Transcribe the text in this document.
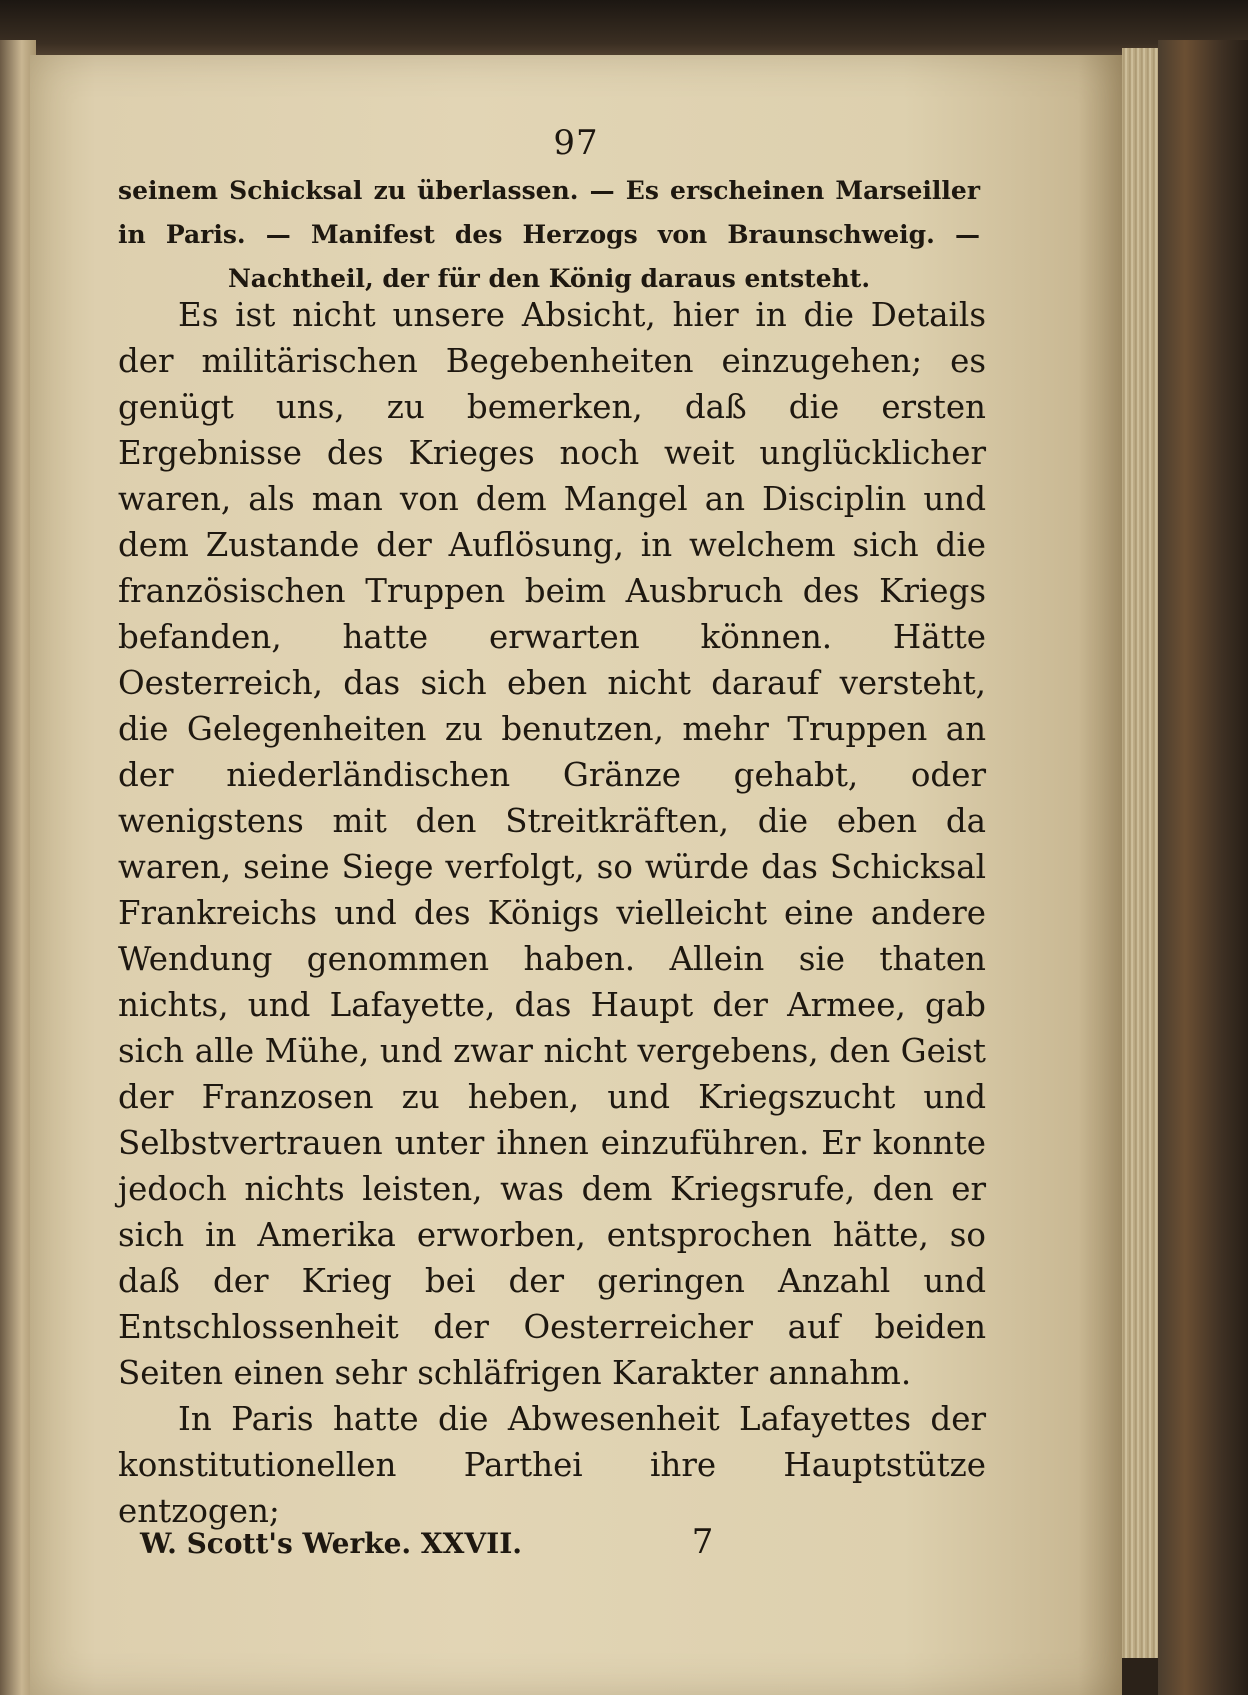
97
seinem Schicksal zu überlassen. — Es erscheinen Marseiller in Paris. — Manifest des Herzogs von Braunschweig. — Nachtheil, der für den König daraus entsteht.

Es ist nicht unsere Absicht, hier in die Details der militärischen Begebenheiten einzugehen; es genügt uns, zu bemerken, daß die ersten Ergebnisse des Krieges noch weit unglücklicher waren, als man von dem Mangel an Disciplin und dem Zustande der Auflösung, in welchem sich die französischen Truppen beim Ausbruch des Kriegs befanden, hatte erwarten können. Hätte Oesterreich, das sich eben nicht darauf versteht, die Gelegenheiten zu benutzen, mehr Truppen an der niederländischen Gränze gehabt, oder wenigstens mit den Streitkräften, die eben da waren, seine Siege verfolgt, so würde das Schicksal Frankreichs und des Königs vielleicht eine andere Wendung genommen haben. Allein sie thaten nichts, und Lafayette, das Haupt der Armee, gab sich alle Mühe, und zwar nicht vergebens, den Geist der Franzosen zu heben, und Kriegszucht und Selbstvertrauen unter ihnen einzuführen. Er konnte jedoch nichts leisten, was dem Kriegsrufe, den er sich in Amerika erworben, entsprochen hätte, so daß der Krieg bei der geringen Anzahl und Entschlossenheit der Oesterreicher auf beiden Seiten einen sehr schläfrigen Karakter annahm.

In Paris hatte die Abwesenheit Lafayettes der konstitutionellen Parthei ihre Hauptstütze entzogen;

W. Scott's Werke. XXVII.	7
